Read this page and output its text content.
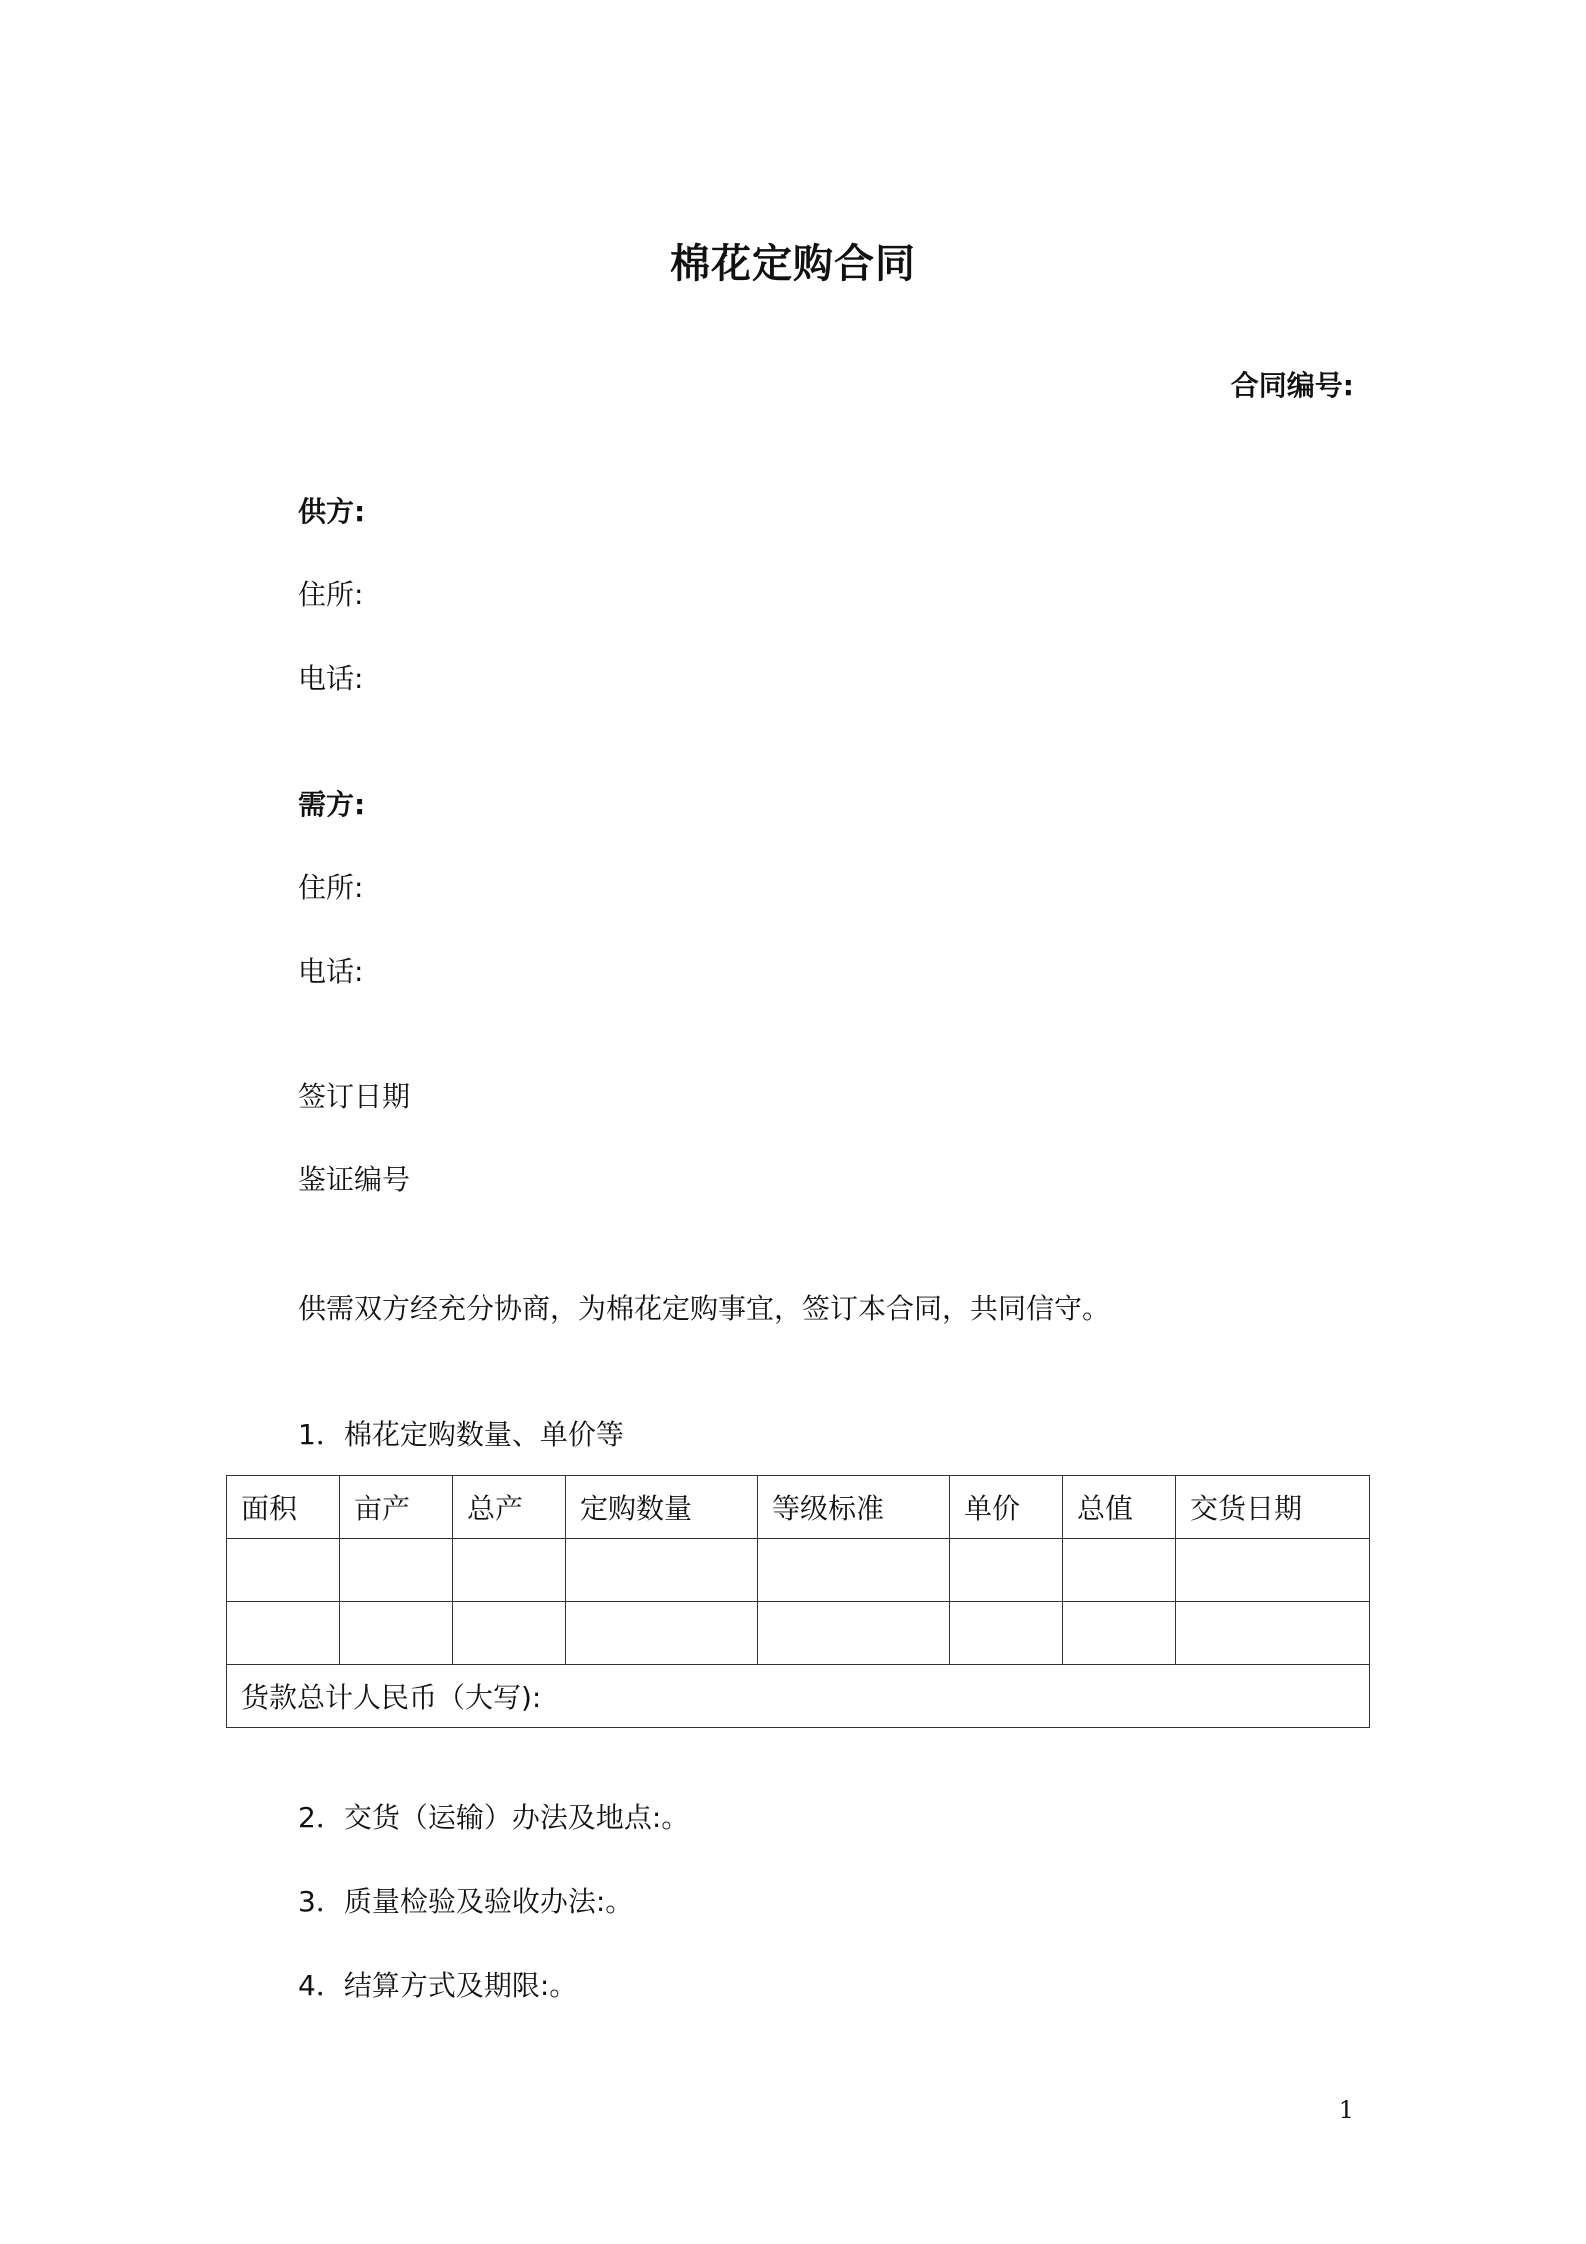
棉花定购合同
合同编号:
供方:
住所:
电话:
需方:
住所:
电话:
签订日期
鉴证编号
供需双方经充分协商，为棉花定购事宜，签订本合同，共同信守。
1．棉花定购数量、单价等
面积	亩产	总产	定购数量	等级标准	单价	总值	交货日期

货款总计人民币（大写):							
2．交货（运输）办法及地点:。
3．质量检验及验收办法:。
4．结算方式及期限:。
1
